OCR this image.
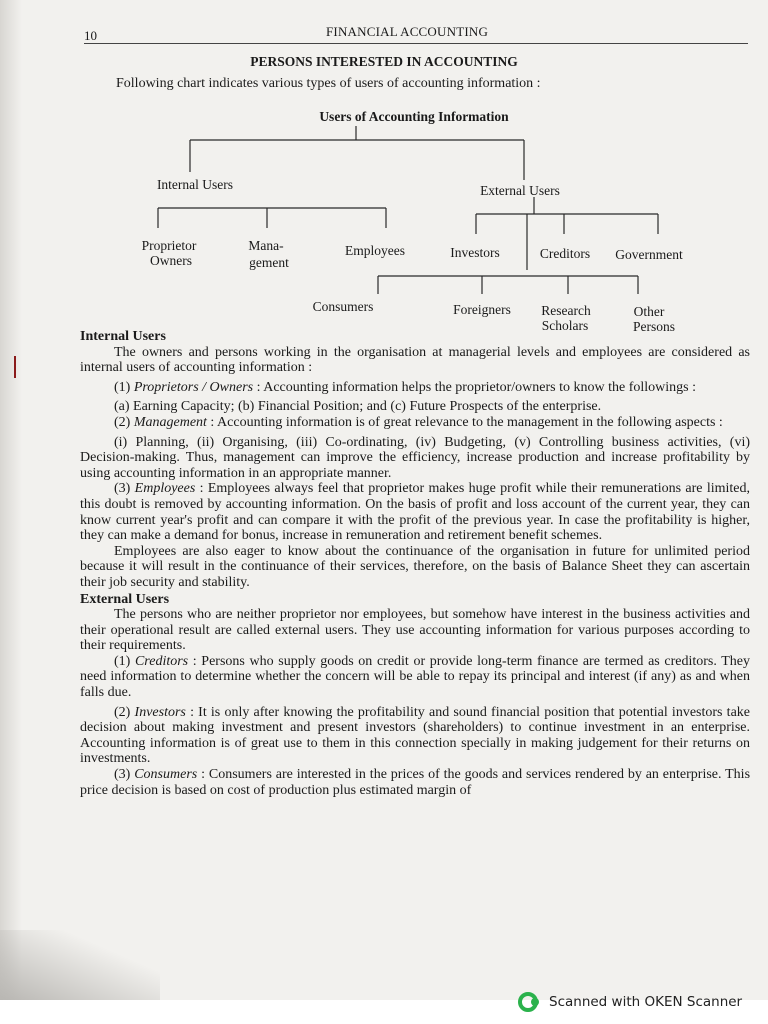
10	FINANCIAL ACCOUNTING
PERSONS INTERESTED IN ACCOUNTING
Following chart indicates various types of users of accounting information :
Users of Accounting Information
Internal Users	External Users
Proprietor
Owners
Mana-
gement
Employees	Investors	Creditors Government
Consumers	Foreigners Research
Scholars
Other
Persons

Internal Users

The owners and persons working in the organisation at managerial levels and employees are considered as internal users of accounting information :

(1) Proprietors / Owners : Accounting information helps the proprietor/owners to know the followings :

(a) Earning Capacity; (b) Financial Position; and (c) Future Prospects of the enterprise.

(2) Management : Accounting information is of great relevance to the management in the following aspects :

(i) Planning, (ii) Organising, (iii) Co-ordinating, (iv) Budgeting, (v) Controlling business activities, (vi) Decision-making. Thus, management can improve the efficiency, increase production and increase profitability by using accounting information in an appropriate manner.

(3) Employees : Employees always feel that proprietor makes huge profit while their remunerations are limited, this doubt is removed by accounting information. On the basis of profit and loss account of the current year, they can know current year's profit and can compare it with the profit of the previous year. In case the profitability is higher, they can make a demand for bonus, increase in remuneration and retirement benefit schemes.

Employees are also eager to know about the continuance of the organisation in future for unlimited period because it will result in the continuance of their services, therefore, on the basis of Balance Sheet they can ascertain their job security and stability.

External Users

The persons who are neither proprietor nor employees, but somehow have interest in the business activities and their operational result are called external users. They use accounting information for various purposes according to their requirements.

(1) Creditors : Persons who supply goods on credit or provide long-term finance are termed as creditors. They need information to determine whether the concern will be able to repay its principal and interest (if any) as and when falls due.

(2) Investors : It is only after knowing the profitability and sound financial position that potential investors take decision about making investment and present investors (shareholders) to continue investment in an enterprise. Accounting information is of great use to them in this connection specially in making judgement for their returns on investments.

(3) Consumers : Consumers are interested in the prices of the goods and services rendered by an enterprise. This price decision is based on cost of production plus estimated margin of

Scanned with OKEN Scanner
